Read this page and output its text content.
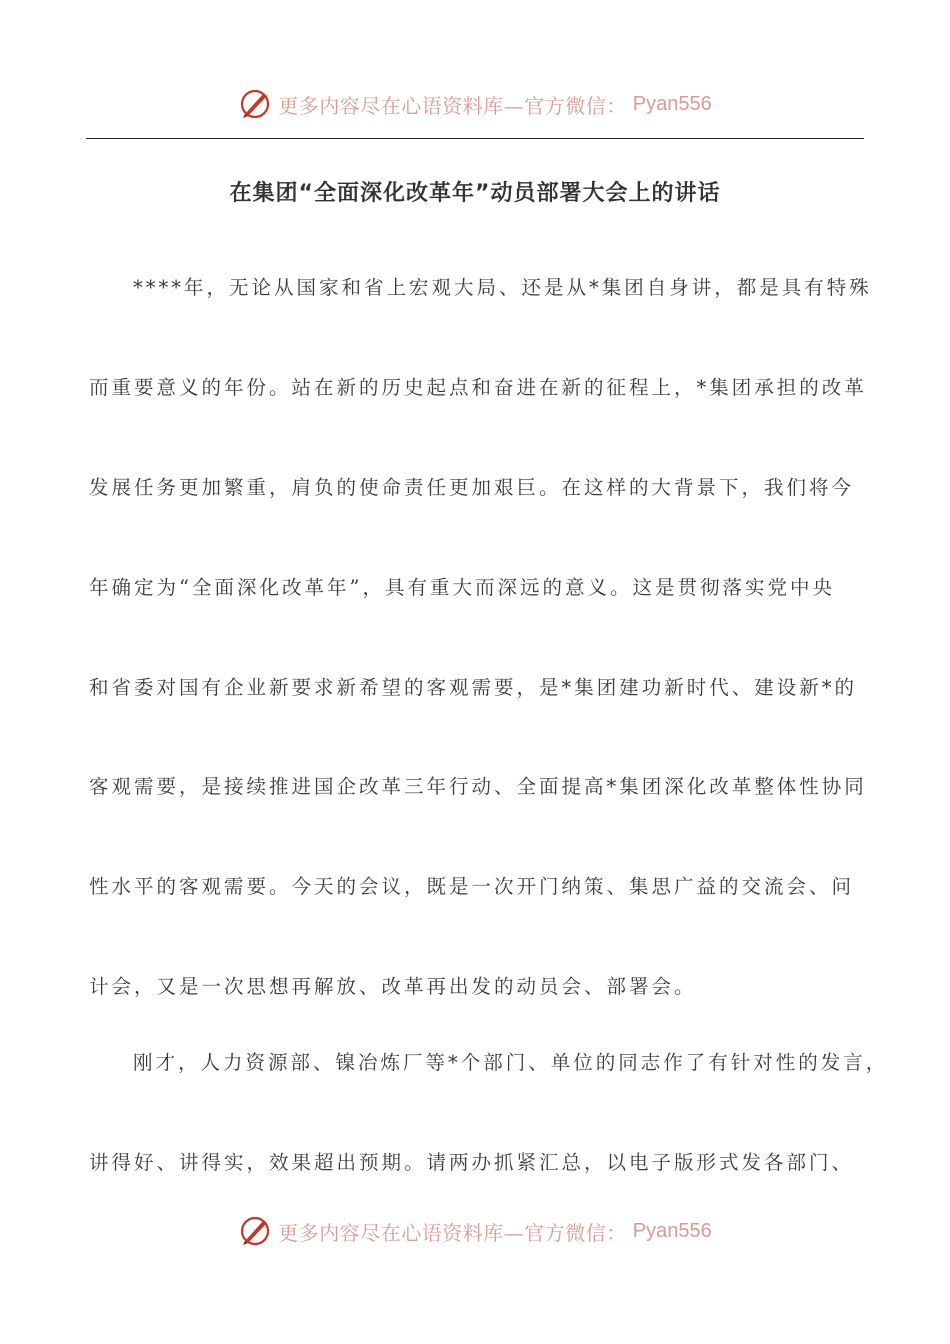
更多内容尽在心语资料库—官方微信： Pyan556
在集团“全面深化改革年”动员部署大会上的讲话
****年，无论从国家和省上宏观大局、还是从*集团自身讲，都是具有特殊
而重要意义的年份。站在新的历史起点和奋进在新的征程上，*集团承担的改革
发展任务更加繁重，肩负的使命责任更加艰巨。在这样的大背景下，我们将今
年确定为“全面深化改革年”，具有重大而深远的意义。这是贯彻落实党中央
和省委对国有企业新要求新希望的客观需要，是*集团建功新时代、建设新*的
客观需要，是接续推进国企改革三年行动、全面提高*集团深化改革整体性协同
性水平的客观需要。今天的会议，既是一次开门纳策、集思广益的交流会、问
计会，又是一次思想再解放、改革再出发的动员会、部署会。
刚才，人力资源部、镍冶炼厂等*个部门、单位的同志作了有针对性的发言，
讲得好、讲得实，效果超出预期。请两办抓紧汇总，以电子版形式发各部门、
更多内容尽在心语资料库—官方微信： Pyan556
